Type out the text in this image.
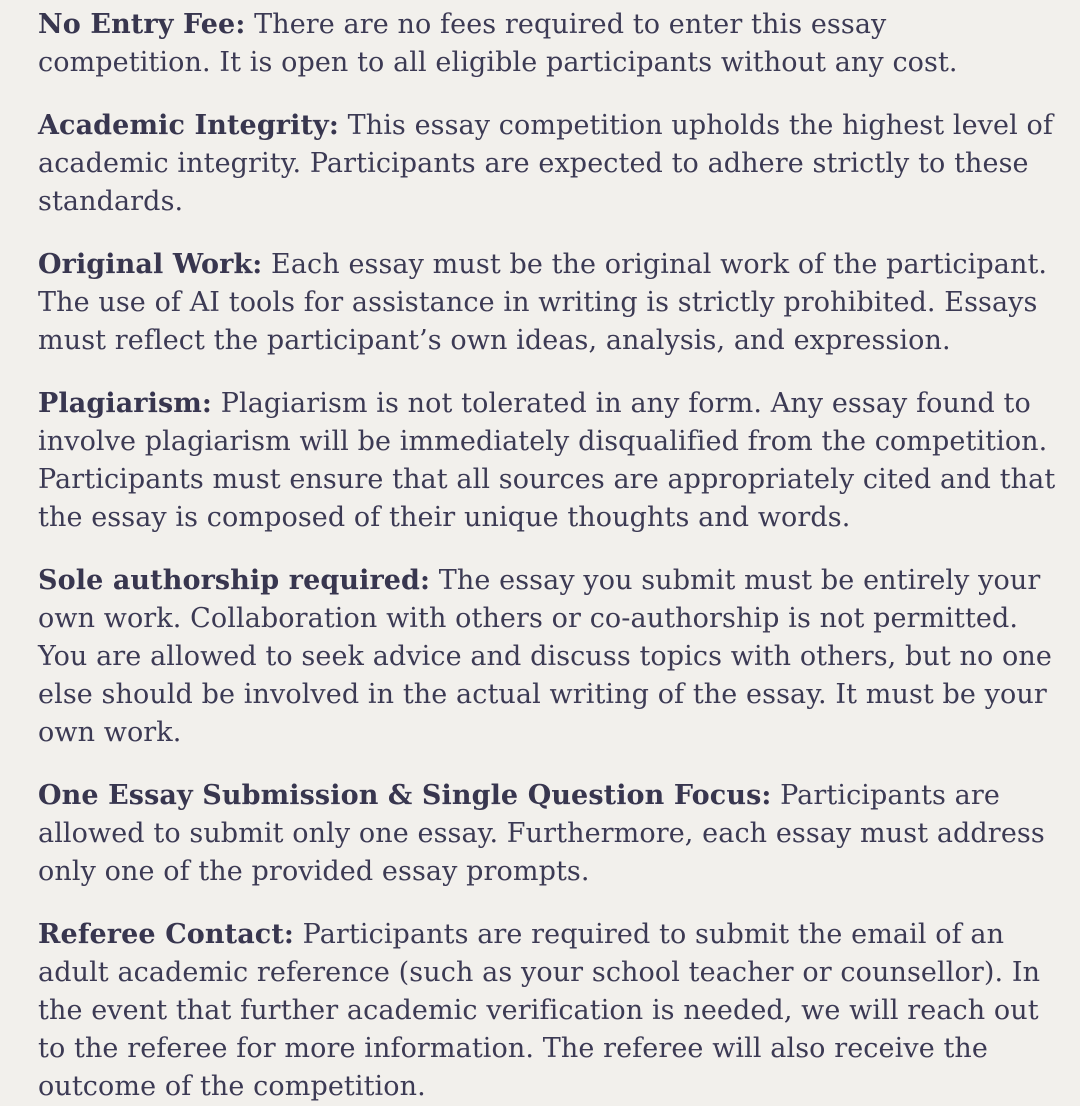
No Entry Fee: There are no fees required to enter this essay competition. It is open to all eligible participants without any cost.

Academic Integrity: This essay competition upholds the highest level of academic integrity. Participants are expected to adhere strictly to these standards.

Original Work: Each essay must be the original work of the participant. The use of AI tools for assistance in writing is strictly prohibited. Essays must reflect the participant’s own ideas, analysis, and expression.

Plagiarism: Plagiarism is not tolerated in any form. Any essay found to involve plagiarism will be immediately disqualified from the competition. Participants must ensure that all sources are appropriately cited and that the essay is composed of their unique thoughts and words.

Sole authorship required: The essay you submit must be entirely your own work. Collaboration with others or co-authorship is not permitted. You are allowed to seek advice and discuss topics with others, but no one else should be involved in the actual writing of the essay. It must be your own work.

One Essay Submission & Single Question Focus: Participants are allowed to submit only one essay. Furthermore, each essay must address only one of the provided essay prompts.

Referee Contact: Participants are required to submit the email of an adult academic reference (such as your school teacher or counsellor). In the event that further academic verification is needed, we will reach out to the referee for more information. The referee will also receive the outcome of the competition.
